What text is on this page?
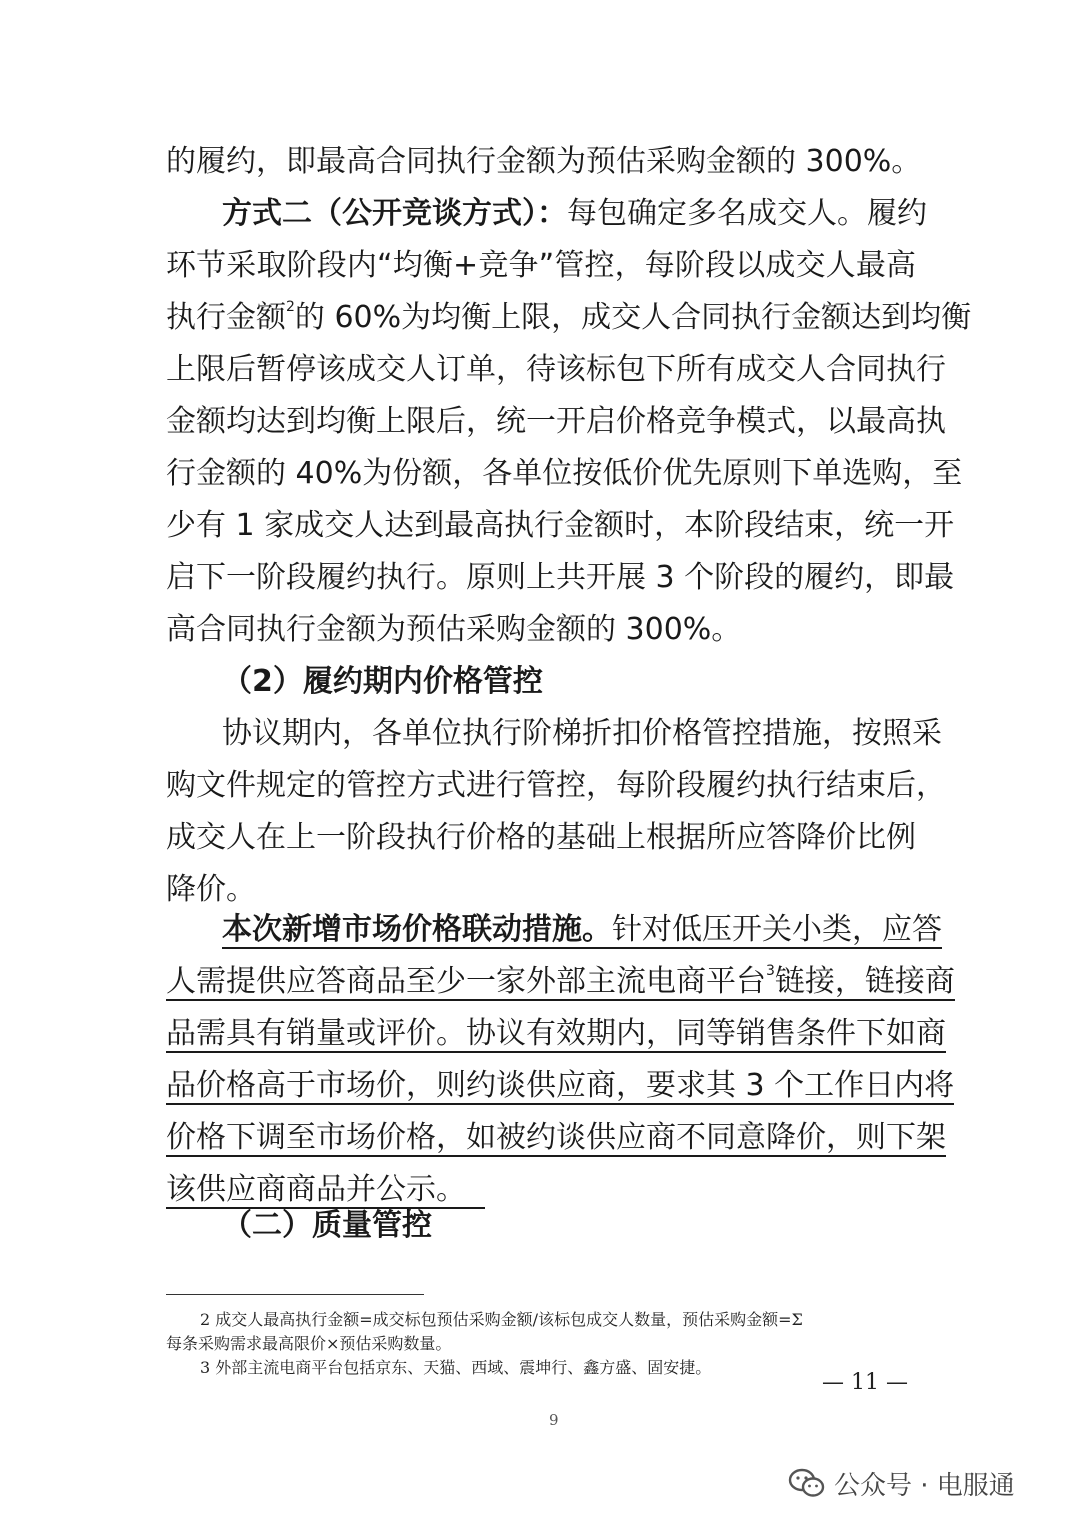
的履约，即最高合同执行金额为预估采购金额的 300%。
方式二（公开竞谈方式）：每包确定多名成交人。履约
环节采取阶段内“均衡+竞争”管控，每阶段以成交人最高
执行金额$^2$的 60%为均衡上限，成交人合同执行金额达到均衡
上限后暂停该成交人订单，待该标包下所有成交人合同执行
金额均达到均衡上限后，统一开启价格竞争模式，以最高执
行金额的 40%为份额，各单位按低价优先原则下单选购，至
少有 1 家成交人达到最高执行金额时，本阶段结束，统一开
启下一阶段履约执行。原则上共开展 3 个阶段的履约，即最
高合同执行金额为预估采购金额的 300%。
（2）履约期内价格管控
协议期内，各单位执行阶梯折扣价格管控措施，按照采
购文件规定的管控方式进行管控，每阶段履约执行结束后，
成交人在上一阶段执行价格的基础上根据所应答降价比例
降价。
本次新增市场价格联动措施。针对低压开关小类，应答
人需提供应答商品至少一家外部主流电商平台$^3$链接，链接商
品需具有销量或评价。协议有效期内，同等销售条件下如商
品价格高于市场价，则约谈供应商，要求其 3 个工作日内将
价格下调至市场价格，如被约谈供应商不同意降价，则下架
该供应商商品并公示。
（二）质量管控
2 成交人最高执行金额=成交标包预估采购金额/该标包成交人数量，预估采购金额=Σ
每条采购需求最高限价×预估采购数量。
3 外部主流电商平台包括京东、天猫、西域、震坤行、鑫方盛、固安捷。
— 11 —
9
公众号 · 电服通
